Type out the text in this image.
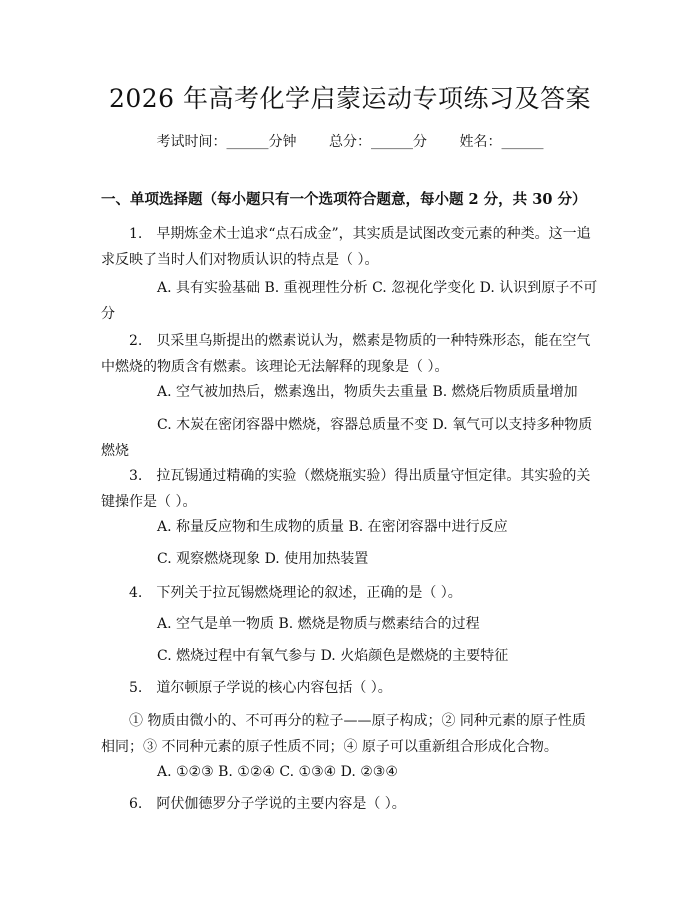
2026 年高考化学启蒙运动专项练习及答案
考试时间：______分钟 总分：______分 姓名：______
一、单项选择题（每小题只有一个选项符合题意，每小题 2 分，共 30 分）

1.　早期炼金术士追求“点石成金”，其实质是试图改变元素的种类。这一追求反映了当时人们对物质认识的特点是（ ）。

A. 具有实验基础 B. 重视理性分析 C. 忽视化学变化 D. 认识到原子不可分

2.　贝采里乌斯提出的燃素说认为，燃素是物质的一种特殊形态，能在空气中燃烧的物质含有燃素。该理论无法解释的现象是（ ）。

A. 空气被加热后，燃素逸出，物质失去重量 B. 燃烧后物质质量增加

C. 木炭在密闭容器中燃烧，容器总质量不变 D. 氧气可以支持多种物质燃烧

3.　拉瓦锡通过精确的实验（燃烧瓶实验）得出质量守恒定律。其实验的关键操作是（ ）。

A. 称量反应物和生成物的质量 B. 在密闭容器中进行反应

C. 观察燃烧现象 D. 使用加热装置

4.　下列关于拉瓦锡燃烧理论的叙述，正确的是（ ）。

A. 空气是单一物质 B. 燃烧是物质与燃素结合的过程

C. 燃烧过程中有氧气参与 D. 火焰颜色是燃烧的主要特征

5.　道尔顿原子学说的核心内容包括（ ）。

① 物质由微小的、不可再分的粒子——原子构成；② 同种元素的原子性质相同；③ 不同种元素的原子性质不同；④ 原子可以重新组合形成化合物。

A. ①②③ B. ①②④ C. ①③④ D. ②③④

6.　阿伏伽德罗分子学说的主要内容是（ ）。
